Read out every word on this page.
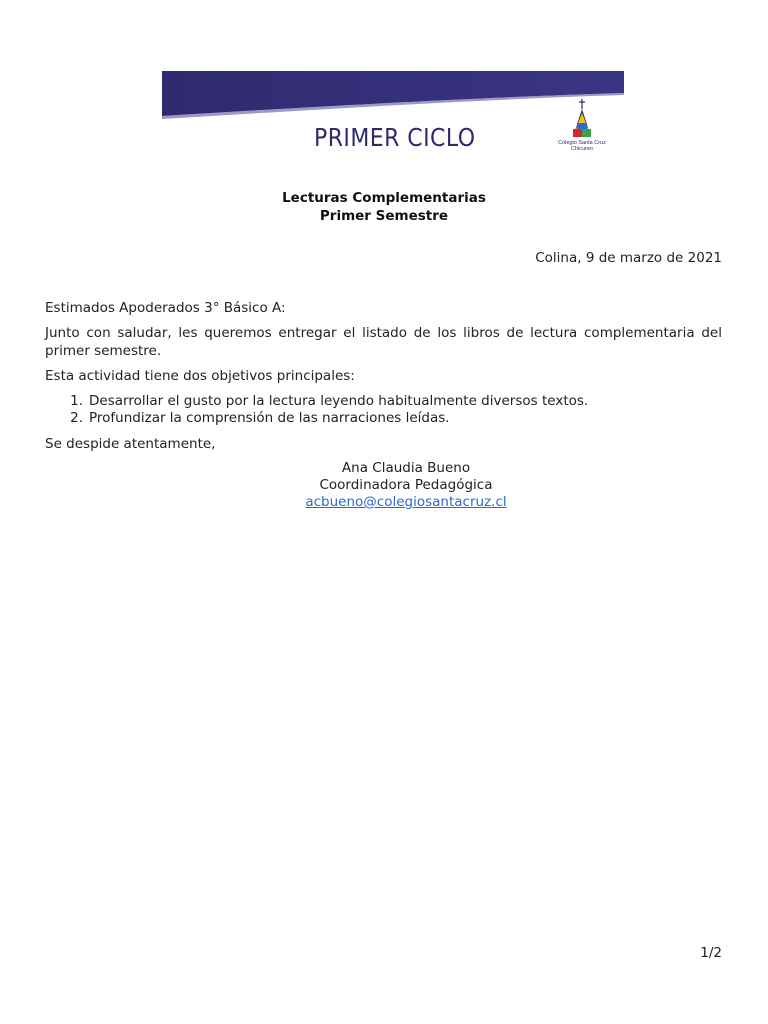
PRIMER CICLO	Colegio Santa Cruz
Chicureo
Lecturas Complementarias
Primer Semestre
Colina, 9 de marzo de 2021
Estimados Apoderados 3° Básico A:
Junto con saludar, les queremos entregar el listado de los libros de lectura complementaria del primer semestre.
Esta actividad tiene dos objetivos principales:
1. Desarrollar el gusto por la lectura leyendo habitualmente diversos textos.
2. Profundizar la comprensión de las narraciones leídas.
Se despide atentamente,
Ana Claudia Bueno
Coordinadora Pedagógica
acbueno@colegiosantacruz.cl
1/2
